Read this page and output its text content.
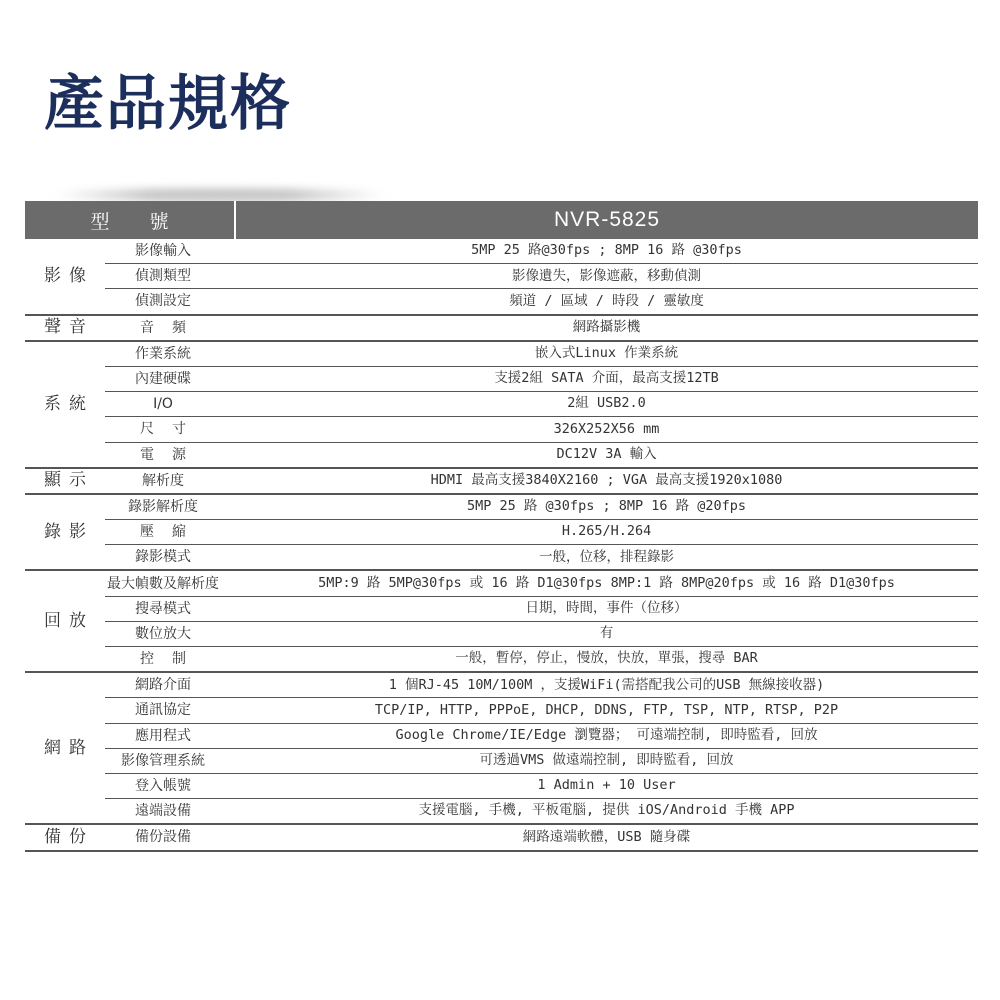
產品規格
型號		NVR-5825
影像	影像輸入	5MP 25 路@30fps ; 8MP 16 路 @30fps
	偵測類型	影像遺失，影像遮蔽，移動偵測
	偵測設定	頻道 / 區域 / 時段 / 靈敏度
聲音	音頻	網路攝影機
系統	作業系統	嵌入式Linux 作業系統
	內建硬碟	支援2組 SATA 介面，最高支援12TB
	I/O	2組 USB2.0
	尺寸	326X252X56 mm
	電源	DC12V 3A 輸入
顯示	解析度	HDMI 最高支援3840X2160 ; VGA 最高支援1920x1080
錄影	錄影解析度	5MP 25 路 @30fps ; 8MP 16 路 @20fps
	壓縮	H.265/H.264
	錄影模式	一般，位移，排程錄影
回放	最大幀數及解析度	5MP:9 路 5MP@30fps 或 16 路 D1@30fps 8MP:1 路 8MP@20fps 或 16 路 D1@30fps
	搜尋模式	日期，時間，事件（位移）
	數位放大	有
	控制	一般，暫停，停止，慢放，快放，單張，搜尋 BAR
網路	網路介面	1 個RJ-45 10M/100M ，支援WiFi(需搭配我公司的USB 無線接收器)
	通訊協定	TCP/IP, HTTP, PPPoE, DHCP, DDNS, FTP, TSP, NTP, RTSP, P2P
	應用程式	Google Chrome/IE/Edge 瀏覽器； 可遠端控制, 即時監看, 回放
	影像管理系統	可透過VMS 做遠端控制, 即時監看, 回放
	登入帳號	1 Admin + 10 User
	遠端設備	支援電腦, 手機, 平板電腦, 提供 iOS/Android 手機 APP
備份	備份設備	網路遠端軟體，USB 隨身碟
